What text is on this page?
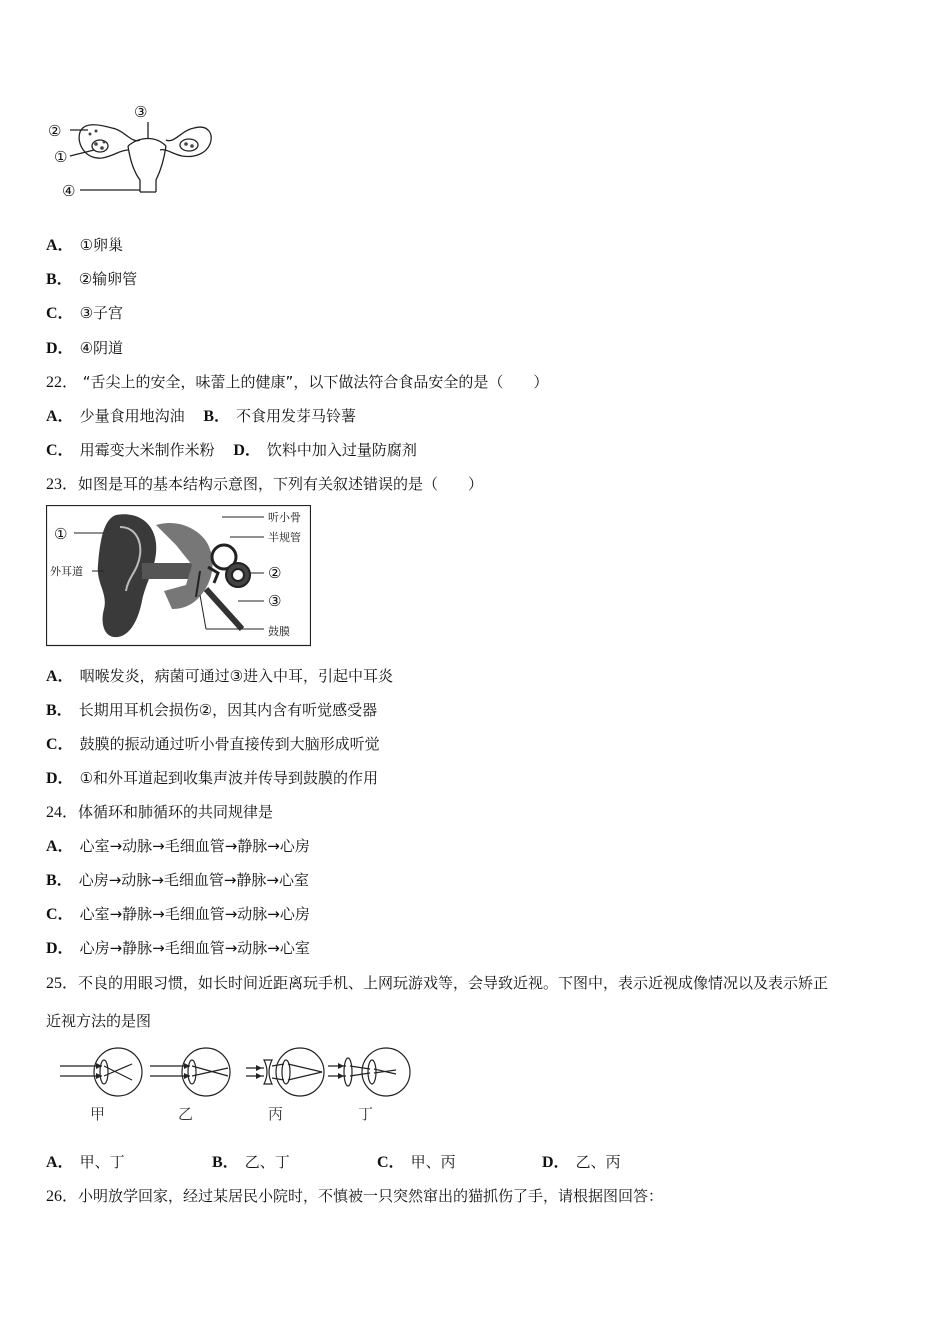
③
②
①
④
A． ①卵巢
B． ②输卵管
C． ③子宫
D． ④阴道
22． “舌尖上的安全，味蕾上的健康”，以下做法符合食品安全的是（　　）
A． 少量食用地沟油 B． 不食用发芽马铃薯
C． 用霉变大米制作米粉 D． 饮料中加入过量防腐剂
23．如图是耳的基本结构示意图，下列有关叙述错误的是（　　）
①
外耳道
听小骨
半规管
②
③
鼓膜
A． 咽喉发炎，病菌可通过③进入中耳，引起中耳炎
B． 长期用耳机会损伤②，因其内含有听觉感受器
C． 鼓膜的振动通过听小骨直接传到大脑形成听觉
D． ①和外耳道起到收集声波并传导到鼓膜的作用
24．体循环和肺循环的共同规律是
A． 心室→动脉→毛细血管→静脉→心房
B． 心房→动脉→毛细血管→静脉→心室
C． 心室→静脉→毛细血管→动脉→心房
D． 心房→静脉→毛细血管→动脉→心室
25．不良的用眼习惯，如长时间近距离玩手机、上网玩游戏等，会导致近视。下图中，表示近视成像情况以及表示矫正
近视方法的是图
甲	乙	丙	丁
A． 甲、丁	B． 乙、丁	C． 甲、丙	D． 乙、丙
26．小明放学回家，经过某居民小院时，不慎被一只突然窜出的猫抓伤了手，请根据图回答：
